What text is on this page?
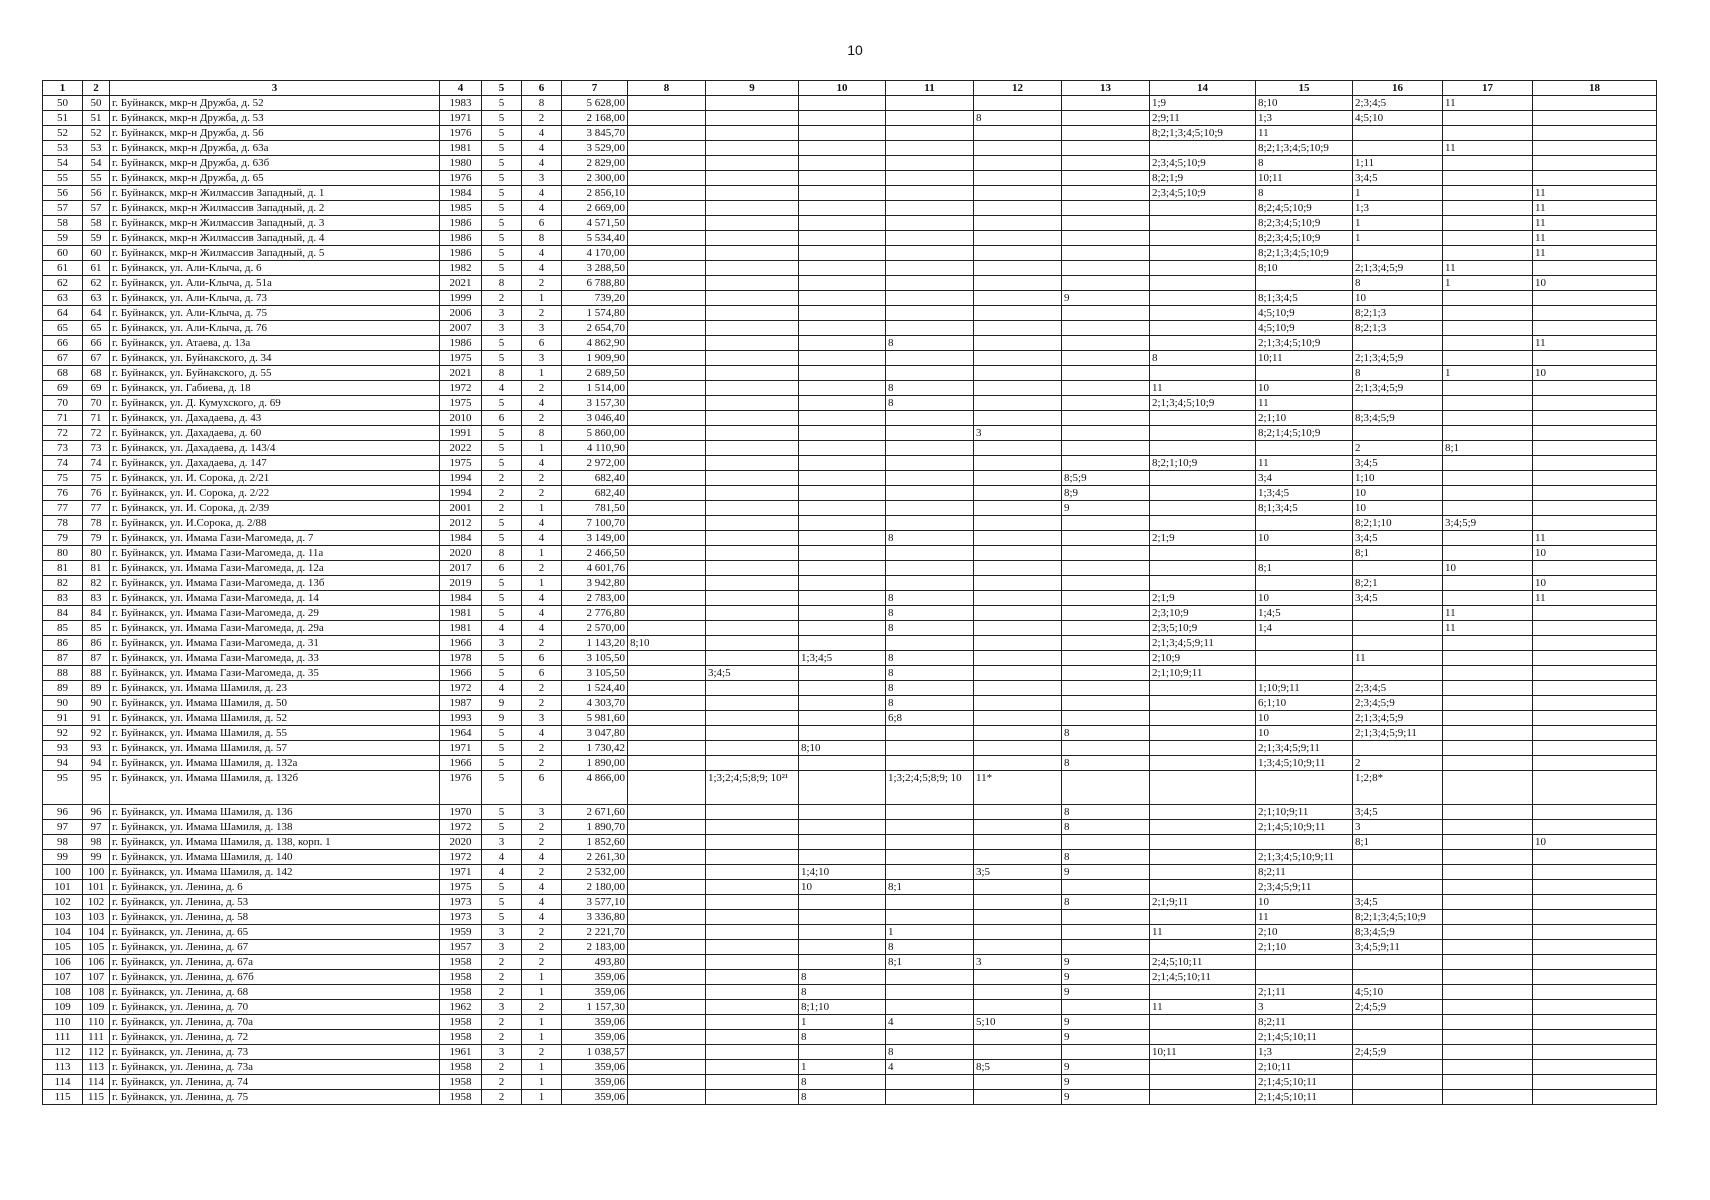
10
1	2	3	4	5	6	7	8	9	10	11	12	13	14	15	16	17	18
50	50	г. Буйнакск, мкр-н Дружба, д. 52	1983	5	8	5 628,00							1;9	8;10	2;3;4;5	11	
51	51	г. Буйнакск, мкр-н Дружба, д. 53	1971	5	2	2 168,00					8		2;9;11	1;3	4;5;10		
52	52	г. Буйнакск, мкр-н Дружба, д. 56	1976	5	4	3 845,70							8;2;1;3;4;5;10;9	11			
53	53	г. Буйнакск, мкр-н Дружба, д. 63а	1981	5	4	3 529,00								8;2;1;3;4;5;10;9		11	
54	54	г. Буйнакск, мкр-н Дружба, д. 63б	1980	5	4	2 829,00							2;3;4;5;10;9	8	1;11		
55	55	г. Буйнакск, мкр-н Дружба, д. 65	1976	5	3	2 300,00							8;2;1;9	10;11	3;4;5		
56	56	г. Буйнакск, мкр-н Жилмассив Западный, д. 1	1984	5	4	2 856,10							2;3;4;5;10;9	8	1		11
57	57	г. Буйнакск, мкр-н Жилмассив Западный, д. 2	1985	5	4	2 669,00								8;2;4;5;10;9	1;3		11
58	58	г. Буйнакск, мкр-н Жилмассив Западный, д. 3	1986	5	6	4 571,50								8;2;3;4;5;10;9	1		11
59	59	г. Буйнакск, мкр-н Жилмассив Западный, д. 4	1986	5	8	5 534,40								8;2;3;4;5;10;9	1		11
60	60	г. Буйнакск, мкр-н Жилмассив Западный, д. 5	1986	5	4	4 170,00								8;2;1;3;4;5;10;9			11
61	61	г. Буйнакск, ул. Али-Клыча, д. 6	1982	5	4	3 288,50								8;10	2;1;3;4;5;9	11	
62	62	г. Буйнакск, ул. Али-Клыча, д. 51а	2021	8	2	6 788,80									8	1	10
63	63	г. Буйнакск, ул. Али-Клыча, д. 73	1999	2	1	739,20						9		8;1;3;4;5	10		
64	64	г. Буйнакск, ул. Али-Клыча, д. 75	2006	3	2	1 574,80								4;5;10;9	8;2;1;3		
65	65	г. Буйнакск, ул. Али-Клыча, д. 76	2007	3	3	2 654,70								4;5;10;9	8;2;1;3		
66	66	г. Буйнакск, ул. Атаева, д. 13а	1986	5	6	4 862,90				8				2;1;3;4;5;10;9			11
67	67	г. Буйнакск, ул. Буйнакского, д. 34	1975	5	3	1 909,90							8	10;11	2;1;3;4;5;9		
68	68	г. Буйнакск, ул. Буйнакского, д. 55	2021	8	1	2 689,50									8	1	10
69	69	г. Буйнакск, ул. Габиева, д. 18	1972	4	2	1 514,00				8			11	10	2;1;3;4;5;9		
70	70	г. Буйнакск, ул. Д. Кумухского, д. 69	1975	5	4	3 157,30				8			2;1;3;4;5;10;9	11			
71	71	г. Буйнакск, ул. Дахадаева, д. 43	2010	6	2	3 046,40								2;1;10	8;3;4;5;9		
72	72	г. Буйнакск, ул. Дахадаева, д. 60	1991	5	8	5 860,00					3			8;2;1;4;5;10;9			
73	73	г. Буйнакск, ул. Дахадаева, д. 143/4	2022	5	1	4 110,90									2	8;1	
74	74	г. Буйнакск, ул. Дахадаева, д. 147	1975	5	4	2 972,00							8;2;1;10;9	11	3;4;5		
75	75	г. Буйнакск, ул. И. Сорока, д. 2/21	1994	2	2	682,40						8;5;9		3;4	1;10		
76	76	г. Буйнакск, ул. И. Сорока, д. 2/22	1994	2	2	682,40						8;9		1;3;4;5	10		
77	77	г. Буйнакск, ул. И. Сорока, д. 2/39	2001	2	1	781,50						9		8;1;3;4;5	10		
78	78	г. Буйнакск, ул. И.Сорока, д. 2/88	2012	5	4	7 100,70									8;2;1;10	3;4;5;9	
79	79	г. Буйнакск, ул. Имама Гази-Магомеда, д. 7	1984	5	4	3 149,00				8			2;1;9	10	3;4;5		11
80	80	г. Буйнакск, ул. Имама Гази-Магомеда, д. 11а	2020	8	1	2 466,50									8;1		10
81	81	г. Буйнакск, ул. Имама Гази-Магомеда, д. 12а	2017	6	2	4 601,76								8;1		10	
82	82	г. Буйнакск, ул. Имама Гази-Магомеда, д. 13б	2019	5	1	3 942,80									8;2;1		10
83	83	г. Буйнакск, ул. Имама Гази-Магомеда, д. 14	1984	5	4	2 783,00				8			2;1;9	10	3;4;5		11
84	84	г. Буйнакск, ул. Имама Гази-Магомеда, д. 29	1981	5	4	2 776,80				8			2;3;10;9	1;4;5		11	
85	85	г. Буйнакск, ул. Имама Гази-Магомеда, д. 29а	1981	4	4	2 570,00				8			2;3;5;10;9	1;4		11	
86	86	г. Буйнакск, ул. Имама Гази-Магомеда, д. 31	1966	3	2	1 143,20	8;10						2;1;3;4;5;9;11				
87	87	г. Буйнакск, ул. Имама Гази-Магомеда, д. 33	1978	5	6	3 105,50			1;3;4;5	8			2;10;9		11		
88	88	г. Буйнакск, ул. Имама Гази-Магомеда, д. 35	1966	5	6	3 105,50		3;4;5		8			2;1;10;9;11				
89	89	г. Буйнакск, ул. Имама Шамиля, д. 23	1972	4	2	1 524,40				8				1;10;9;11	2;3;4;5		
90	90	г. Буйнакск, ул. Имама Шамиля, д. 50	1987	9	2	4 303,70				8				6;1;10	2;3;4;5;9		
91	91	г. Буйнакск, ул. Имама Шамиля, д. 52	1993	9	3	5 981,60				6;8				10	2;1;3;4;5;9		
92	92	г. Буйнакск, ул. Имама Шамиля, д. 55	1964	5	4	3 047,80						8		10	2;1;3;4;5;9;11		
93	93	г. Буйнакск, ул. Имама Шамиля, д. 57	1971	5	2	1 730,42			8;10					2;1;3;4;5;9;11			
94	94	г. Буйнакск, ул. Имама Шамиля, д. 132а	1966	5	2	1 890,00						8		1;3;4;5;10;9;11	2		
95	95	г. Буйнакск, ул. Имама Шамиля, д. 132б	1976	5	6	4 866,00		1;3;2;4;5;8;9; 10²¹		1;3;2;4;5;8;9; 10	11*				1;2;8*		
96	96	г. Буйнакск, ул. Имама Шамиля, д. 136	1970	5	3	2 671,60						8		2;1;10;9;11	3;4;5		
97	97	г. Буйнакск, ул. Имама Шамиля, д. 138	1972	5	2	1 890,70						8		2;1;4;5;10;9;11	3		
98	98	г. Буйнакск, ул. Имама Шамиля, д. 138, корп. 1	2020	3	2	1 852,60									8;1		10
99	99	г. Буйнакск, ул. Имама Шамиля, д. 140	1972	4	4	2 261,30						8		2;1;3;4;5;10;9;11			
100	100	г. Буйнакск, ул. Имама Шамиля, д. 142	1971	4	2	2 532,00			1;4;10		3;5	9		8;2;11			
101	101	г. Буйнакск, ул. Ленина, д. 6	1975	5	4	2 180,00			10	8;1				2;3;4;5;9;11			
102	102	г. Буйнакск, ул. Ленина, д. 53	1973	5	4	3 577,10						8	2;1;9;11	10	3;4;5		
103	103	г. Буйнакск, ул. Ленина, д. 58	1973	5	4	3 336,80								11	8;2;1;3;4;5;10;9		
104	104	г. Буйнакск, ул. Ленина, д. 65	1959	3	2	2 221,70				1			11	2;10	8;3;4;5;9		
105	105	г. Буйнакск, ул. Ленина, д. 67	1957	3	2	2 183,00				8				2;1;10	3;4;5;9;11		
106	106	г. Буйнакск, ул. Ленина, д. 67а	1958	2	2	493,80				8;1	3	9	2;4;5;10;11				
107	107	г. Буйнакск, ул. Ленина, д. 67б	1958	2	1	359,06			8			9	2;1;4;5;10;11				
108	108	г. Буйнакск, ул. Ленина, д. 68	1958	2	1	359,06			8			9		2;1;11	4;5;10		
109	109	г. Буйнакск, ул. Ленина, д. 70	1962	3	2	1 157,30			8;1;10				11	3	2;4;5;9		
110	110	г. Буйнакск, ул. Ленина, д. 70а	1958	2	1	359,06			1	4	5;10	9		8;2;11			
111	111	г. Буйнакск, ул. Ленина, д. 72	1958	2	1	359,06			8			9		2;1;4;5;10;11			
112	112	г. Буйнакск, ул. Ленина, д. 73	1961	3	2	1 038,57				8			10;11	1;3	2;4;5;9		
113	113	г. Буйнакск, ул. Ленина, д. 73а	1958	2	1	359,06			1	4	8;5	9		2;10;11			
114	114	г. Буйнакск, ул. Ленина, д. 74	1958	2	1	359,06			8			9		2;1;4;5;10;11			
115	115	г. Буйнакск, ул. Ленина, д. 75	1958	2	1	359,06			8			9		2;1;4;5;10;11			
